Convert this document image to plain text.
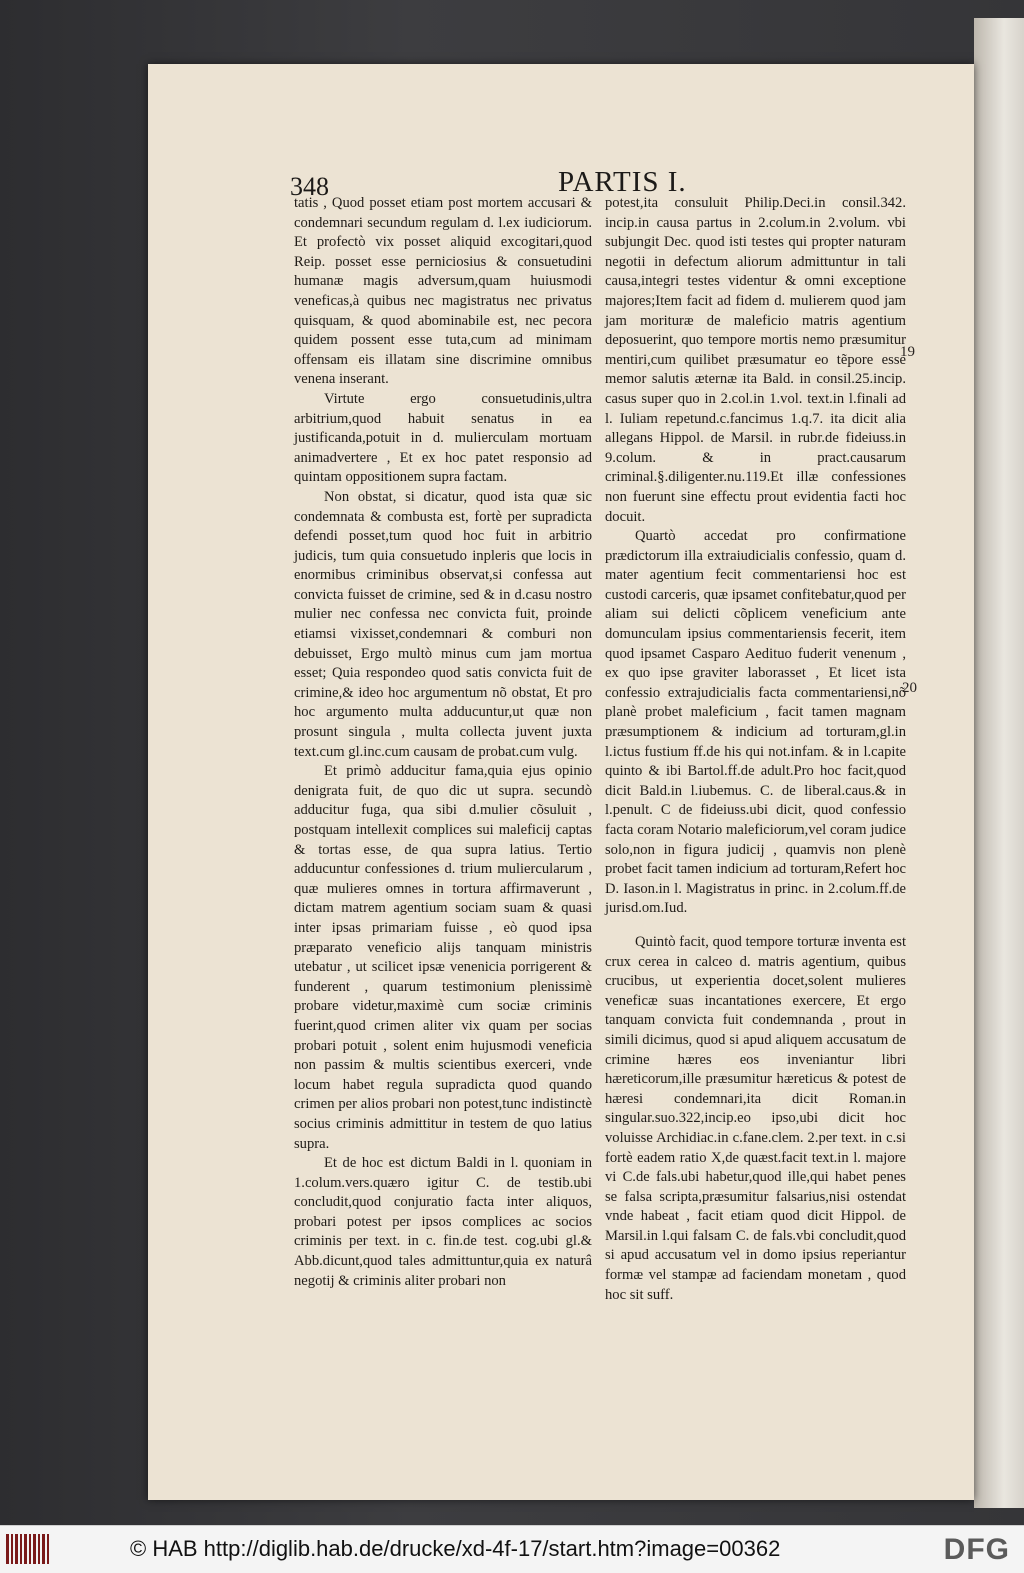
348	PARTIS I.

tatis , Quod posset etiam post mortem accusari & condemnari secundum regulam d. l.ex iudiciorum. Et profectò vix posset aliquid excogitari,quod Reip. posset esse perniciosius & consuetudini humanæ magis adversum,quam huiusmodi veneficas,à quibus nec magistratus nec privatus quisquam, & quod abominabile est, nec pecora quidem possent esse tuta,cum ad minimam offensam eis illatam sine discrimine omnibus venena inserant.

Virtute ergo consuetudinis,ultra arbitrium,quod habuit senatus in ea justificanda,potuit in d. mulierculam mortuam animadvertere , Et ex hoc patet responsio ad quintam oppositionem supra factam.

Non obstat, si dicatur, quod ista quæ sic condemnata & combusta est, fortè per supradicta defendi posset,tum quod hoc fuit in arbitrio judicis, tum quia consuetudo inpleris que locis in enormibus criminibus observat,si confessa aut convicta fuisset de crimine, sed & in d.casu nostro mulier nec confessa nec convicta fuit, proinde etiamsi vixisset,condemnari & comburi non debuisset, Ergo multò minus cum jam mortua esset; Quia respondeo quod satis convicta fuit de crimine,& ideo hoc argumentum nõ obstat, Et pro hoc argumento multa adducuntur,ut quæ non prosunt singula , multa collecta juvent juxta text.cum gl.inc.cum causam de probat.cum vulg.

Et primò adducitur fama,quia ejus opinio denigrata fuit, de quo dic ut supra. secundò adducitur fuga, qua sibi d.mulier cõsuluit , postquam intellexit complices sui maleficij captas & tortas esse, de qua supra latius. Tertio adducuntur confessiones d. trium muliercularum , quæ mulieres omnes in tortura affirmaverunt , dictam matrem agentium sociam suam & quasi inter ipsas primariam fuisse , eò quod ipsa præparato veneficio alijs tanquam ministris utebatur , ut scilicet ipsæ venenicia porrigerent & funderent , quarum testimonium plenissimè probare videtur,maximè cum sociæ criminis fuerint,quod crimen aliter vix quam per socias probari potuit , solent enim hujusmodi veneficia non passim & multis scientibus exerceri, vnde locum habet regula supradicta quod quando crimen per alios probari non potest,tunc indistinctè socius criminis admittitur in testem de quo latius supra.

Et de hoc est dictum Baldi in l. quoniam in 1.colum.vers.quæro igitur C. de testib.ubi concludit,quod conjuratio facta inter aliquos, probari potest per ipsos complices ac socios criminis per text. in c. fin.de test. cog.ubi gl.& Abb.dicunt,quod tales admittuntur,quia ex naturâ negotij & criminis aliter probari non

potest,ita consuluit Philip.Deci.in consil.342. incip.in causa partus in 2.colum.in 2.volum. vbi subjungit Dec. quod isti testes qui propter naturam negotii in defectum aliorum admittuntur in tali causa,integri testes videntur & omni exceptione majores;Item facit ad fidem d. mulierem quod jam jam morituræ de maleficio matris agentium deposuerint, quo tempore mortis nemo præsumitur mentiri,cum quilibet præsumatur eo tẽpore esse memor salutis æternæ ita Bald. in consil.25.incip. casus super quo in 2.col.in 1.vol. text.in l.finali ad l. Iuliam repetund.c.fancimus 1.q.7. ita dicit alia allegans Hippol. de Marsil. in rubr.de fideiuss.in 9.colum. & in pract.causarum criminal.§.diligenter.nu.119.Et illæ confessiones non fuerunt sine effectu prout evidentia facti hoc docuit.

Quartò accedat pro confirmatione prædictorum illa extraiudicialis confessio, quam d. mater agentium fecit commentariensi hoc est custodi carceris, quæ ipsamet confitebatur,quod per aliam sui delicti cõplicem veneficium ante domunculam ipsius commentariensis fecerit, item quod ipsamet Casparo Aedituo fuderit venenum , ex quo ipse graviter laborasset , Et licet ista confessio extrajudicialis facta commentariensi,nõ planè probet maleficium , facit tamen magnam præsumptionem & indicium ad torturam,gl.in l.ictus fustium ff.de his qui not.infam. & in l.capite quinto & ibi Bartol.ff.de adult.Pro hoc facit,quod dicit Bald.in l.iubemus. C. de liberal.caus.& in l.penult. C de fideiuss.ubi dicit, quod confessio facta coram Notario maleficiorum,vel coram judice solo,non in figura judicij , quamvis non plenè probet facit tamen indicium ad torturam,Refert hoc D. Iason.in l. Magistratus in princ. in 2.colum.ff.de jurisd.om.Iud.

Quintò facit, quod tempore torturæ inventa est crux cerea in calceo d. matris agentium, quibus crucibus, ut experientia docet,solent mulieres veneficæ suas incantationes exercere, Et ergo tanquam convicta fuit condemnanda , prout in simili dicimus, quod si apud aliquem accusatum de crimine hæres eos inveniantur libri hæreticorum,ille præsumitur hæreticus & potest de hæresi condemnari,ita dicit Roman.in singular.suo.322,incip.eo ipso,ubi dicit hoc voluisse Archidiac.in c.fane.clem. 2.per text. in c.si fortè eadem ratio X,de quæst.facit text.in l. majore vi C.de fals.ubi habetur,quod ille,qui habet penes se falsa scripta,præsumitur falsarius,nisi ostendat vnde habeat , facit etiam quod dicit Hippol. de Marsil.in l.qui falsam C. de fals.vbi concludit,quod si apud accusatum vel in domo ipsius reperiantur formæ vel stampæ ad faciendam monetam , quod hoc sit suff.

19
20
© HAB http://diglib.hab.de/drucke/xd-4f-17/start.htm?image=00362	DFG
